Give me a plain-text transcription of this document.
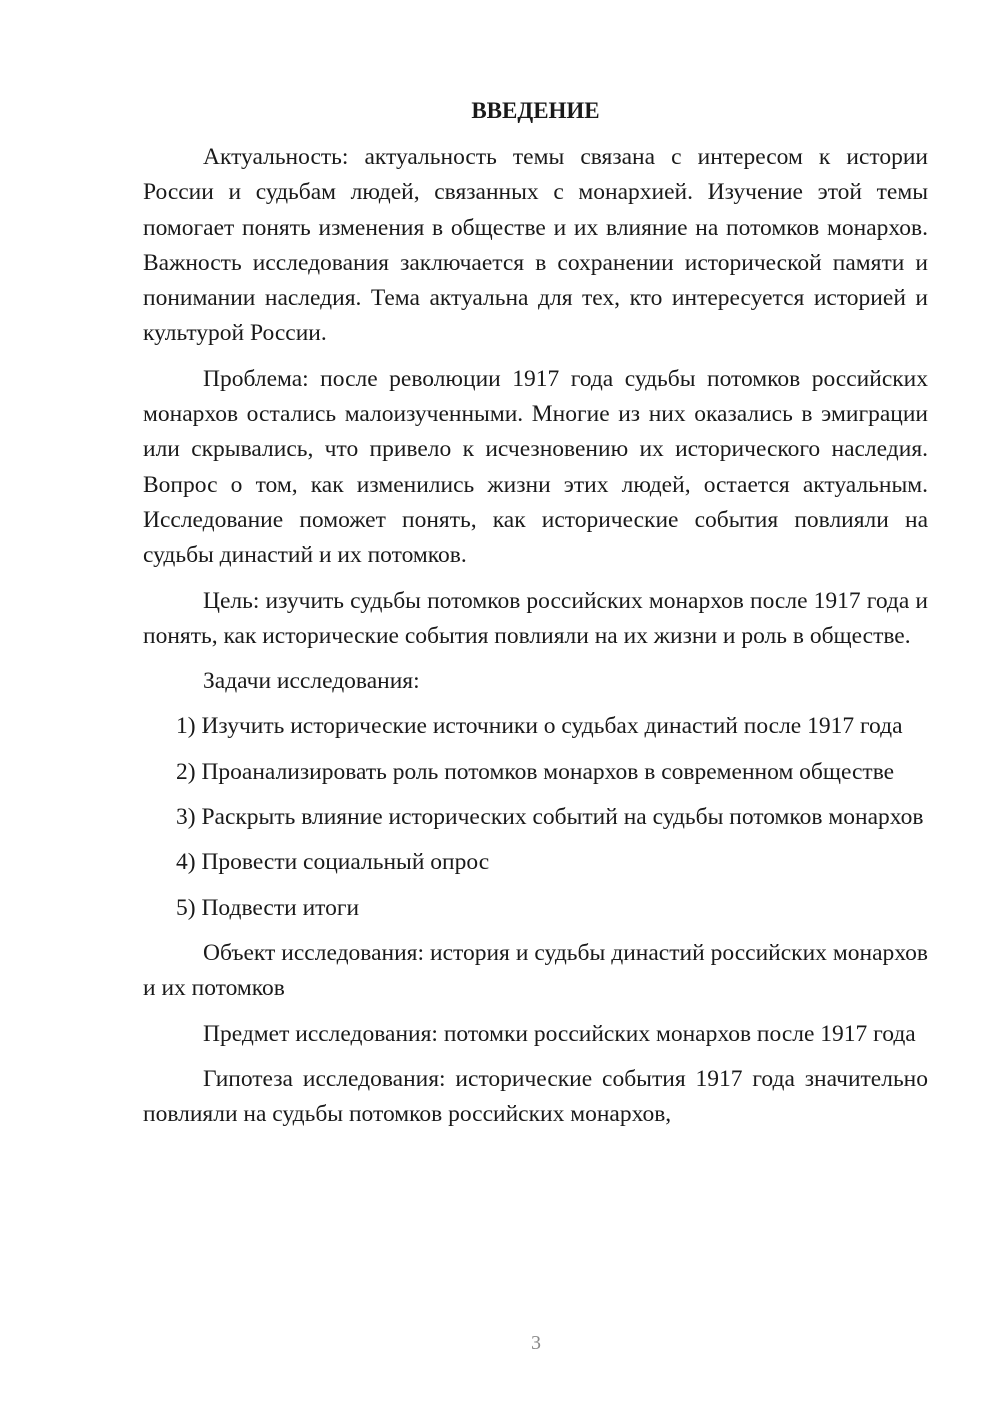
ВВЕДЕНИЕ

Актуальность: актуальность темы связана с интересом к истории России и судьбам людей, связанных с монархией. Изучение этой темы помогает понять изменения в обществе и их влияние на потомков монархов. Важность исследования заключается в сохранении исторической памяти и понимании наследия. Тема актуальна для тех, кто интересуется историей и культурой России.

Проблема: после революции 1917 года судьбы потомков российских монархов остались малоизученными. Многие из них оказались в эмиграции или скрывались, что привело к исчезновению их исторического наследия. Вопрос о том, как изменились жизни этих людей, остается актуальным. Исследование поможет понять, как исторические события повлияли на судьбы династий и их потомков.

Цель: изучить судьбы потомков российских монархов после 1917 года и понять, как исторические события повлияли на их жизни и роль в обществе.

Задачи исследования:

1) Изучить исторические источники о судьбах династий после 1917 года

2) Проанализировать роль потомков монархов в современном обществе

3) Раскрыть влияние исторических событий на судьбы потомков монархов

4) Провести социальный опрос

5) Подвести итоги

Объект исследования: история и судьбы династий российских монархов и их потомков

Предмет исследования: потомки российских монархов после 1917 года

Гипотеза исследования: исторические события 1917 года значительно повлияли на судьбы потомков российских монархов,

3
